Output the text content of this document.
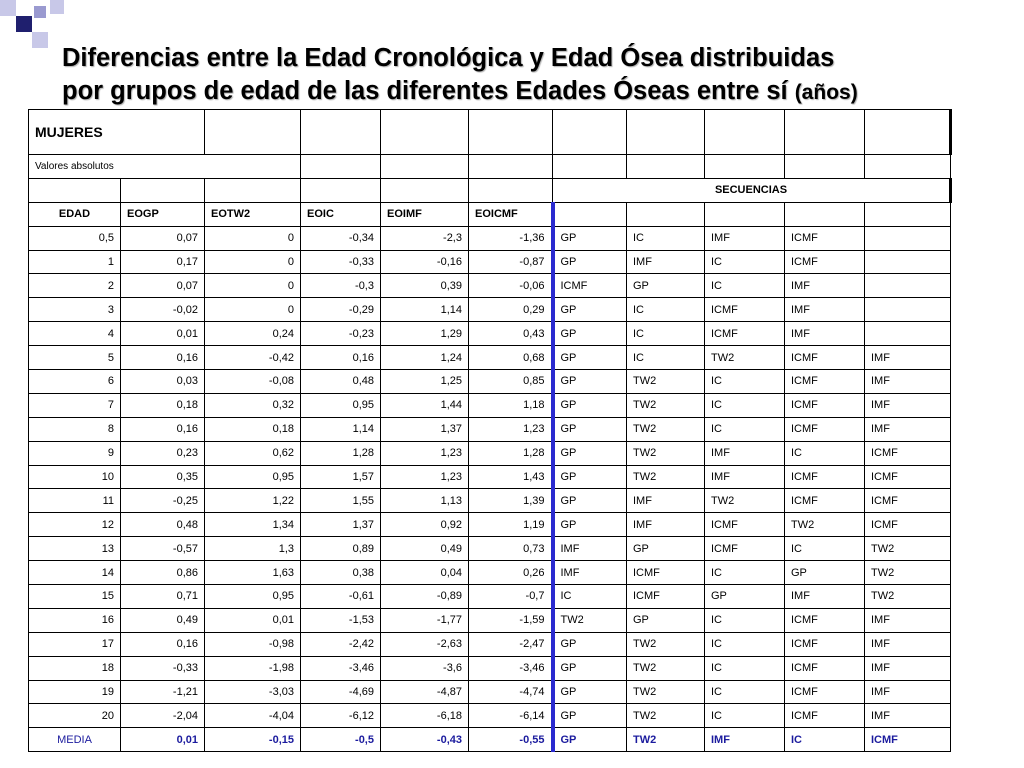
Diferencias entre la Edad Cronológica y Edad Ósea distribuidas
por grupos de edad de las diferentes Edades Óseas entre sí (años)
MUJERES										
Valores absolutos										
						SECUENCIAS				
EDAD	EOGP	EOTW2	EOIC	EOIMF	EOICMF					
0,5	0,07	0	-0,34	-2,3	-1,36	GP	IC	IMF	ICMF	
1	0,17	0	-0,33	-0,16	-0,87	GP	IMF	IC	ICMF	
2	0,07	0	-0,3	0,39	-0,06	ICMF	GP	IC	IMF	
3	-0,02	0	-0,29	1,14	0,29	GP	IC	ICMF	IMF	
4	0,01	0,24	-0,23	1,29	0,43	GP	IC	ICMF	IMF	
5	0,16	-0,42	0,16	1,24	0,68	GP	IC	TW2	ICMF	IMF
6	0,03	-0,08	0,48	1,25	0,85	GP	TW2	IC	ICMF	IMF
7	0,18	0,32	0,95	1,44	1,18	GP	TW2	IC	ICMF	IMF
8	0,16	0,18	1,14	1,37	1,23	GP	TW2	IC	ICMF	IMF
9	0,23	0,62	1,28	1,23	1,28	GP	TW2	IMF	IC	ICMF
10	0,35	0,95	1,57	1,23	1,43	GP	TW2	IMF	ICMF	ICMF
11	-0,25	1,22	1,55	1,13	1,39	GP	IMF	TW2	ICMF	ICMF
12	0,48	1,34	1,37	0,92	1,19	GP	IMF	ICMF	TW2	ICMF
13	-0,57	1,3	0,89	0,49	0,73	IMF	GP	ICMF	IC	TW2
14	0,86	1,63	0,38	0,04	0,26	IMF	ICMF	IC	GP	TW2
15	0,71	0,95	-0,61	-0,89	-0,7	IC	ICMF	GP	IMF	TW2
16	0,49	0,01	-1,53	-1,77	-1,59	TW2	GP	IC	ICMF	IMF
17	0,16	-0,98	-2,42	-2,63	-2,47	GP	TW2	IC	ICMF	IMF
18	-0,33	-1,98	-3,46	-3,6	-3,46	GP	TW2	IC	ICMF	IMF
19	-1,21	-3,03	-4,69	-4,87	-4,74	GP	TW2	IC	ICMF	IMF
20	-2,04	-4,04	-6,12	-6,18	-6,14	GP	TW2	IC	ICMF	IMF
MEDIA	0,01	-0,15	-0,5	-0,43	-0,55	GP	TW2	IMF	IC	ICMF
